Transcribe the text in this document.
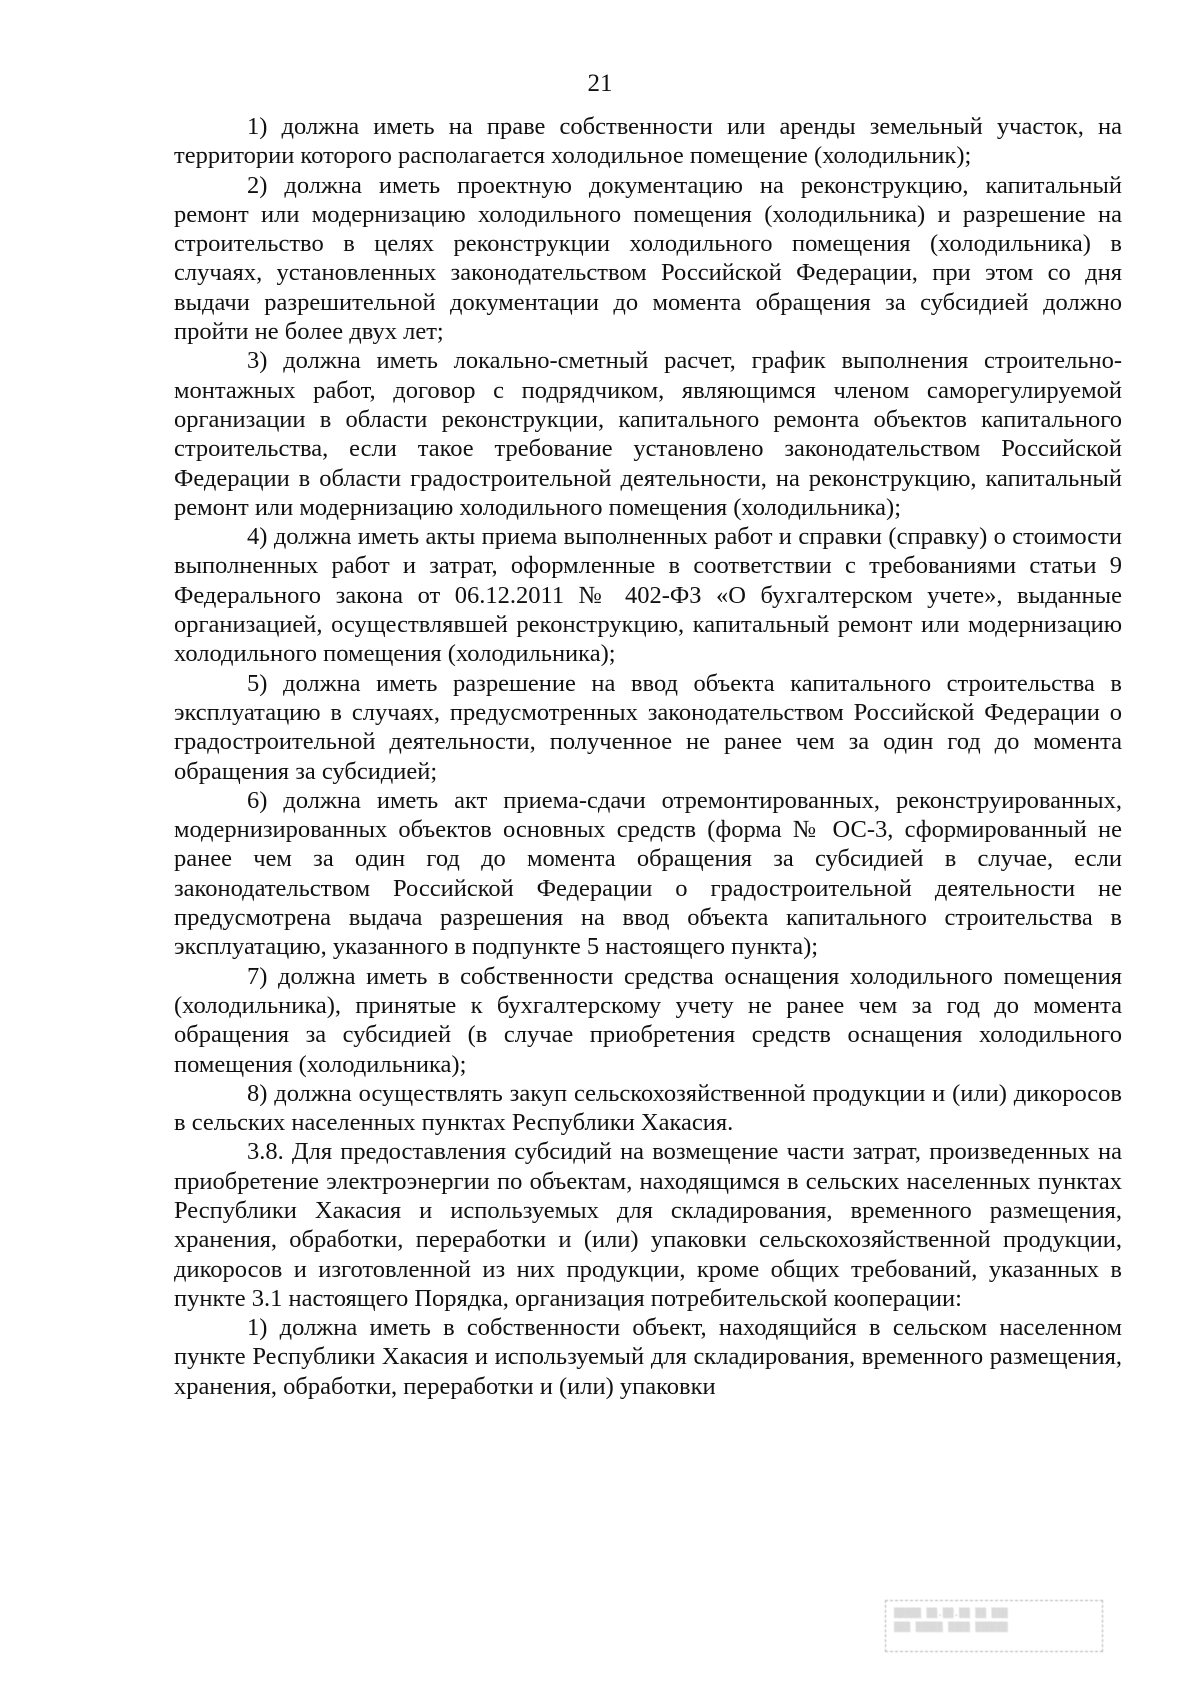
21

1) должна иметь на праве собственности или аренды земельный участок, на территории которого располагается холодильное помещение (холодильник);

2) должна иметь проектную документацию на реконструкцию, капитальный ремонт или модернизацию холодильного помещения (холодильника) и разрешение на строительство в целях реконструкции холодильного помещения (холодильника) в случаях, установленных законодательством Российской Федерации, при этом со дня выдачи разрешительной документации до момента обращения за субсидией должно пройти не более двух лет;

3) должна иметь локально-сметный расчет, график выполнения строительно-монтажных работ, договор с подрядчиком, являющимся членом саморегулируемой организации в области реконструкции, капитального ремонта объектов капитального строительства, если такое требование установлено законодательством Российской Федерации в области градостроительной деятельности, на реконструкцию, капитальный ремонт или модернизацию холодильного помещения (холодильника);

4) должна иметь акты приема выполненных работ и справки (справку) о стоимости выполненных работ и затрат, оформленные в соответствии с требованиями статьи 9 Федерального закона от 06.12.2011 № 402-ФЗ «О бухгалтерском учете», выданные организацией, осуществлявшей реконструкцию, капитальный ремонт или модернизацию холодильного помещения (холодильника);

5) должна иметь разрешение на ввод объекта капитального строительства в эксплуатацию в случаях, предусмотренных законодательством Российской Федерации о градостроительной деятельности, полученное не ранее чем за один год до момента обращения за субсидией;

6) должна иметь акт приема-сдачи отремонтированных, реконструированных, модернизированных объектов основных средств (форма № ОС-3, сформированный не ранее чем за один год до момента обращения за субсидией в случае, если законодательством Российской Федерации о градостроительной деятельности не предусмотрена выдача разрешения на ввод объекта капитального строительства в эксплуатацию, указанного в подпункте 5 настоящего пункта);

7) должна иметь в собственности средства оснащения холодильного помещения (холодильника), принятые к бухгалтерскому учету не ранее чем за год до момента обращения за субсидией (в случае приобретения средств оснащения холодильного помещения (холодильника);

8) должна осуществлять закуп сельскохозяйственной продукции и (или) дикоросов в сельских населенных пунктах Республики Хакасия.

3.8. Для предоставления субсидий на возмещение части затрат, произведенных на приобретение электроэнергии по объектам, находящимся в сельских населенных пунктах Республики Хакасия и используемых для складирования, временного размещения, хранения, обработки, переработки и (или) упаковки сельскохозяйственной продукции, дикоросов и изготовленной из них продукции, кроме общих требований, указанных в пункте 3.1 настоящего Порядка, организация потребительской кооперации:

1) должна иметь в собственности объект, находящийся в сельском населенном пункте Республики Хакасия и используемый для складирования, временного размещения, хранения, обработки, переработки и (или) упаковки

▒▒▒▒▒ ▒▒.▒▒.▒▒ ▒▒ ▒▒▒
▒▒▒ ▒▒▒▒▒ ▒▒▒▒ ▒▒▒▒▒▒
